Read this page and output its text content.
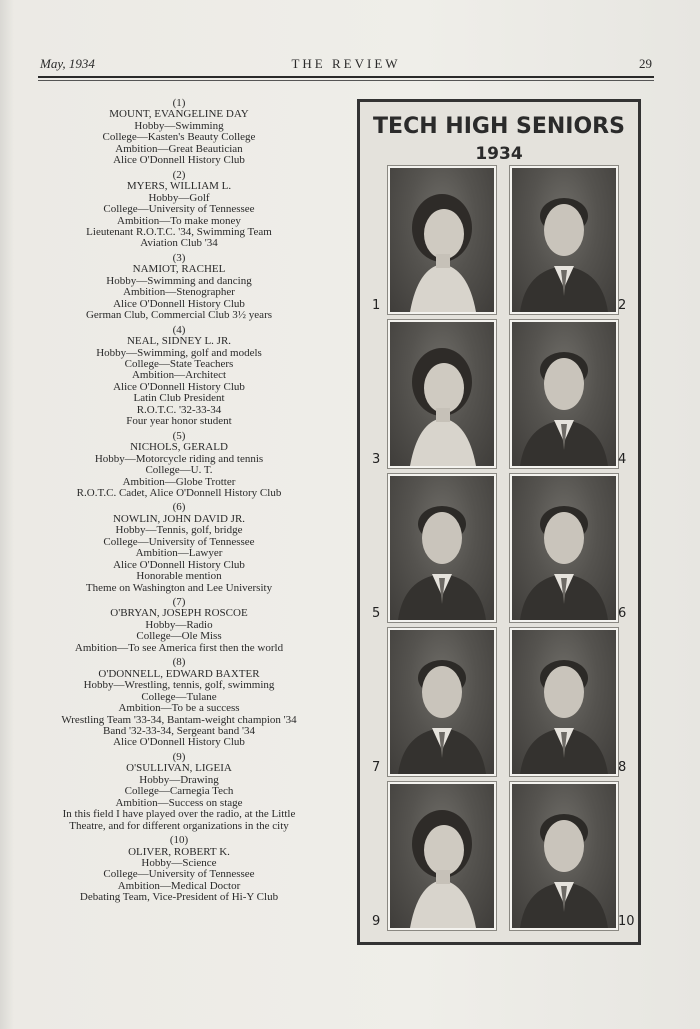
May, 1934	THE REVIEW	29
(1)
MOUNT, EVANGELINE DAY
Hobby—Swimming
College—Kasten's Beauty College
Ambition—Great Beautician
Alice O'Donnell History Club
(2)
MYERS, WILLIAM L.
Hobby—Golf
College—University of Tennessee
Ambition—To make money
Lieutenant R.O.T.C. '34, Swimming Team
Aviation Club '34
(3)
NAMIOT, RACHEL
Hobby—Swimming and dancing
Ambition—Stenographer
Alice O'Donnell History Club
German Club, Commercial Club 3½ years
(4)
NEAL, SIDNEY L. JR.
Hobby—Swimming, golf and models
College—State Teachers
Ambition—Architect
Alice O'Donnell History Club
Latin Club President
R.O.T.C. '32-33-34
Four year honor student
(5)
NICHOLS, GERALD
Hobby—Motorcycle riding and tennis
College—U. T.
Ambition—Globe Trotter
R.O.T.C. Cadet, Alice O'Donnell History Club
(6)
NOWLIN, JOHN DAVID JR.
Hobby—Tennis, golf, bridge
College—University of Tennessee
Ambition—Lawyer
Alice O'Donnell History Club
Honorable mention
Theme on Washington and Lee University
(7)
O'BRYAN, JOSEPH ROSCOE
Hobby—Radio
College—Ole Miss
Ambition—To see America first then the world
(8)
O'DONNELL, EDWARD BAXTER
Hobby—Wrestling, tennis, golf, swimming
College—Tulane
Ambition—To be a success
Wrestling Team '33-34, Bantam-weight champion '34
Band '32-33-34, Sergeant band '34
Alice O'Donnell History Club
(9)
O'SULLIVAN, LIGEIA
Hobby—Drawing
College—Carnegia Tech
Ambition—Success on stage
In this field I have played over the radio, at the Little
Theatre, and for different organizations in the city
(10)
OLIVER, ROBERT K.
Hobby—Science
College—University of Tennessee
Ambition—Medical Doctor
Debating Team, Vice-President of Hi-Y Club
TECH HIGH SENIORS
1934
1	2
3	4
5	6
7	8
9	10
